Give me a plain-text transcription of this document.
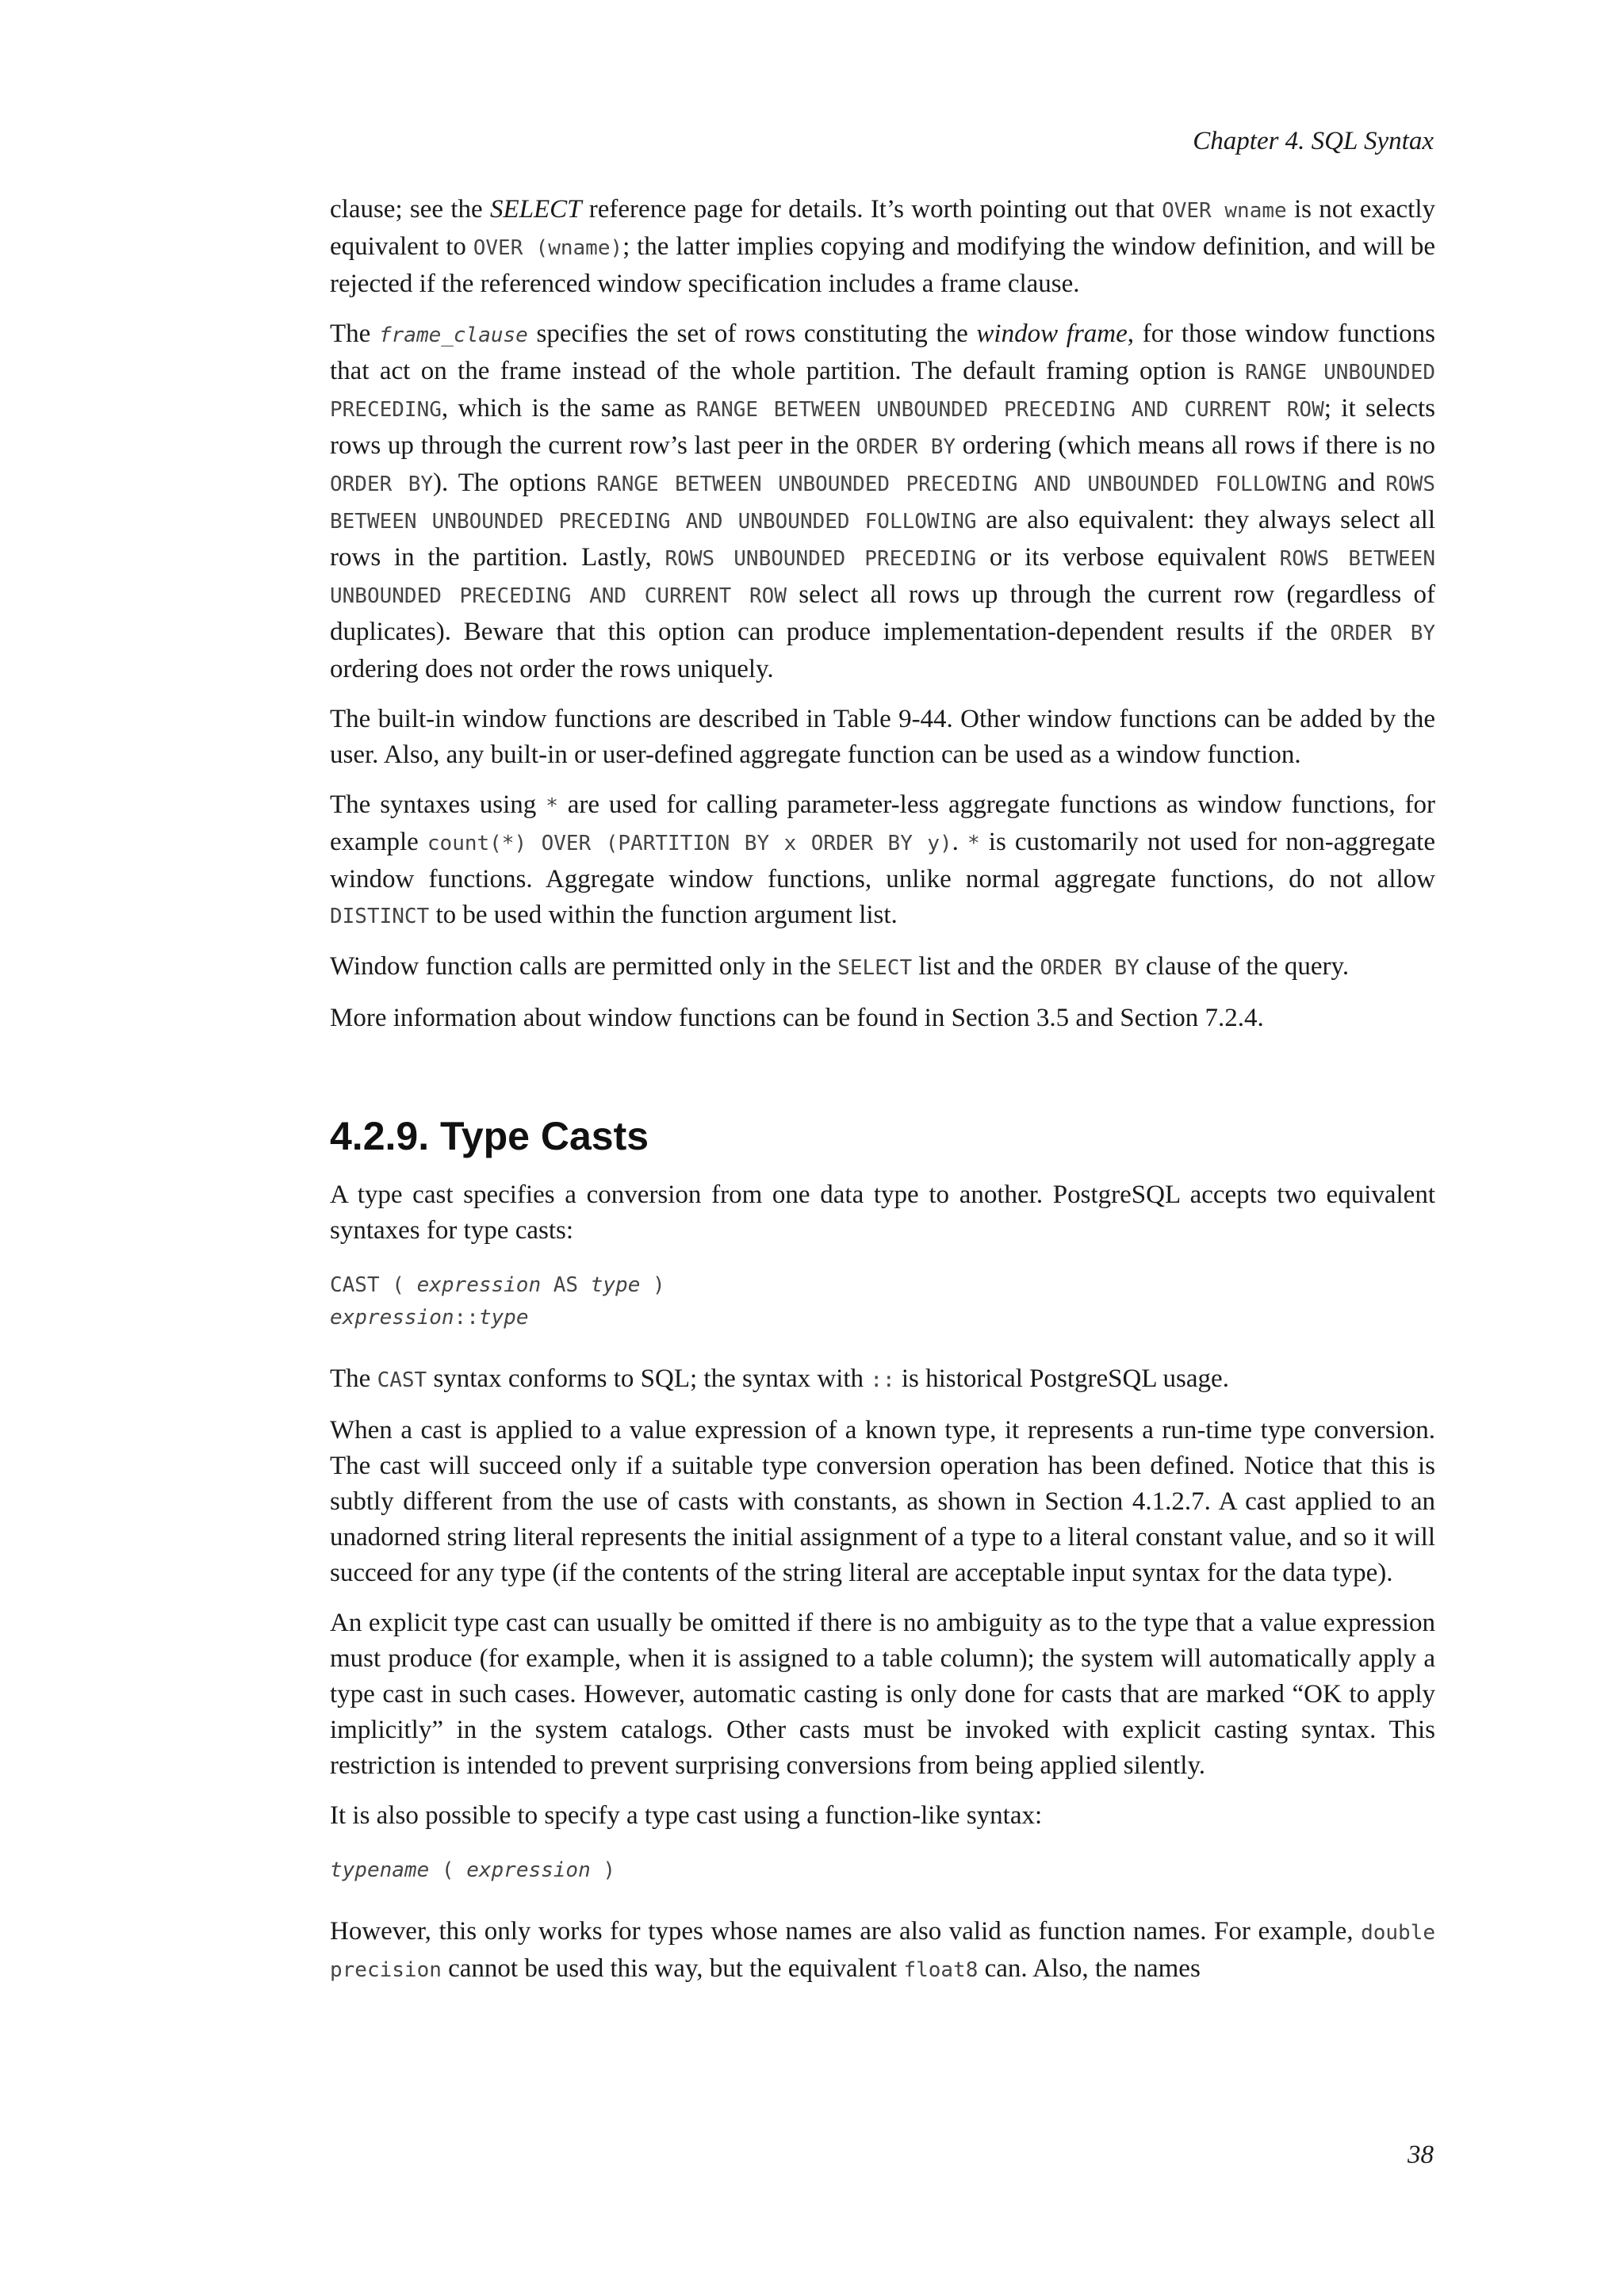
Chapter 4. SQL Syntax

clause; see the SELECT reference page for details. It’s worth pointing out that OVER wname is not exactly equivalent to OVER (wname); the latter implies copying and modifying the window definition, and will be rejected if the referenced window specification includes a frame clause.

The frame_clause specifies the set of rows constituting the window frame, for those window functions that act on the frame instead of the whole partition. The default framing option is RANGE UNBOUNDED PRECEDING, which is the same as RANGE BETWEEN UNBOUNDED PRECEDING AND CURRENT ROW; it selects rows up through the current row’s last peer in the ORDER BY ordering (which means all rows if there is no ORDER BY). The options RANGE BETWEEN UNBOUNDED PRECEDING AND UNBOUNDED FOLLOWING and ROWS BETWEEN UNBOUNDED PRECEDING AND UNBOUNDED FOLLOWING are also equivalent: they always select all rows in the partition. Lastly, ROWS UNBOUNDED PRECEDING or its verbose equivalent ROWS BETWEEN UNBOUNDED PRECEDING AND CURRENT ROW select all rows up through the current row (regardless of duplicates). Beware that this option can produce implementation-dependent results if the ORDER BY ordering does not order the rows uniquely.

The built-in window functions are described in Table 9-44. Other window functions can be added by the user. Also, any built-in or user-defined aggregate function can be used as a window function.

The syntaxes using * are used for calling parameter-less aggregate functions as window functions, for example count(*) OVER (PARTITION BY x ORDER BY y). * is customarily not used for non-aggregate window functions. Aggregate window functions, unlike normal aggregate functions, do not allow DISTINCT to be used within the function argument list.

Window function calls are permitted only in the SELECT list and the ORDER BY clause of the query.

More information about window functions can be found in Section 3.5 and Section 7.2.4.

4.2.9. Type Casts

A type cast specifies a conversion from one data type to another. PostgreSQL accepts two equivalent syntaxes for type casts:

CAST ( expression AS type )
expression::type

The CAST syntax conforms to SQL; the syntax with :: is historical PostgreSQL usage.

When a cast is applied to a value expression of a known type, it represents a run-time type conversion. The cast will succeed only if a suitable type conversion operation has been defined. Notice that this is subtly different from the use of casts with constants, as shown in Section 4.1.2.7. A cast applied to an unadorned string literal represents the initial assignment of a type to a literal constant value, and so it will succeed for any type (if the contents of the string literal are acceptable input syntax for the data type).

An explicit type cast can usually be omitted if there is no ambiguity as to the type that a value expression must produce (for example, when it is assigned to a table column); the system will automatically apply a type cast in such cases. However, automatic casting is only done for casts that are marked “OK to apply implicitly” in the system catalogs. Other casts must be invoked with explicit casting syntax. This restriction is intended to prevent surprising conversions from being applied silently.

It is also possible to specify a type cast using a function-like syntax:

typename ( expression )

However, this only works for types whose names are also valid as function names. For example, double precision cannot be used this way, but the equivalent float8 can. Also, the names

38
